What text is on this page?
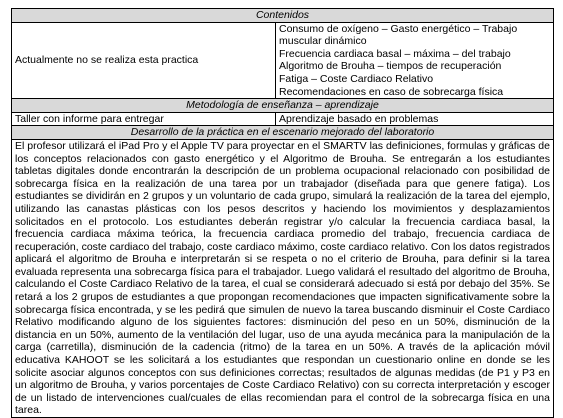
Contenidos	
Actualmente no se realiza esta practica	Consumo de oxígeno – Gasto energético – Trabajo muscular dinámico
Frecuencia cardiaca basal – máxima – del trabajo
Algoritmo de Brouha – tiempos de recuperación
Fatiga – Coste Cardiaco Relativo
Recomendaciones en caso de sobrecarga física

Metodología de enseñanza – aprendizaje	
Taller con informe para entregar	Aprendizaje basado en problemas
Desarrollo de la práctica en el escenario mejorado del laboratorio	
El profesor utilizará el iPad Pro y el Apple TV para proyectar en el SMARTV las definiciones, formulas y gráficas de los conceptos relacionados con gasto energético y el Algoritmo de Brouha. Se entregarán a los estudiantes tabletas digitales donde encontrarán la descripción de un problema ocupacional relacionado con posibilidad de sobrecarga física en la realización de una tarea por un trabajador (diseñada para que genere fatiga). Los estudiantes se dividirán en 2 grupos y un voluntario de cada grupo, simulará la realización de la tarea del ejemplo, utilizando las canastas plásticas con los pesos descritos y haciendo los movimientos y desplazamientos solicitados en el protocolo. Los estudiantes deberán registrar y/o calcular la frecuencia cardiaca basal, la frecuencia cardiaca máxima teórica, la frecuencia cardiaca promedio del trabajo, frecuencia cardiaca de recuperación, coste cardiaco del trabajo, coste cardiaco máximo, coste cardiaco relativo. Con los datos registrados aplicará el algoritmo de Brouha e interpretarán si se respeta o no el criterio de Brouha, para definir si la tarea evaluada representa una sobrecarga física para el trabajador. Luego validará el resultado del algoritmo de Brouha, calculando el Coste Cardiaco Relativo de la tarea, el cual se considerará adecuado si está por debajo del 35%. Se retará a los 2 grupos de estudiantes a que propongan recomendaciones que impacten significativamente sobre la sobrecarga física encontrada, y se les pedirá que simulen de nuevo la tarea buscando disminuir el Coste Cardiaco Relativo modificando alguno de los siguientes factores: disminución del peso en un 50%, disminución de la distancia en un 50%, aumento de la ventilación del lugar, uso de una ayuda mecánica para la manipulación de la carga (carretilla), disminución de la cadencia (ritmo) de la tarea en un 50%. A través de la aplicación móvil educativa KAHOOT se les solicitará a los estudiantes que respondan un cuestionario online en donde se les solicite asociar algunos conceptos con sus definiciones correctas; resultados de algunas medidas (de P1 y P3 en un algoritmo de Brouha, y varios porcentajes de Coste Cardiaco Relativo) con su correcta interpretación y escoger de un listado de intervenciones cual/cuales de ellas recomiendan para el control de la sobrecarga física en una tarea.	
